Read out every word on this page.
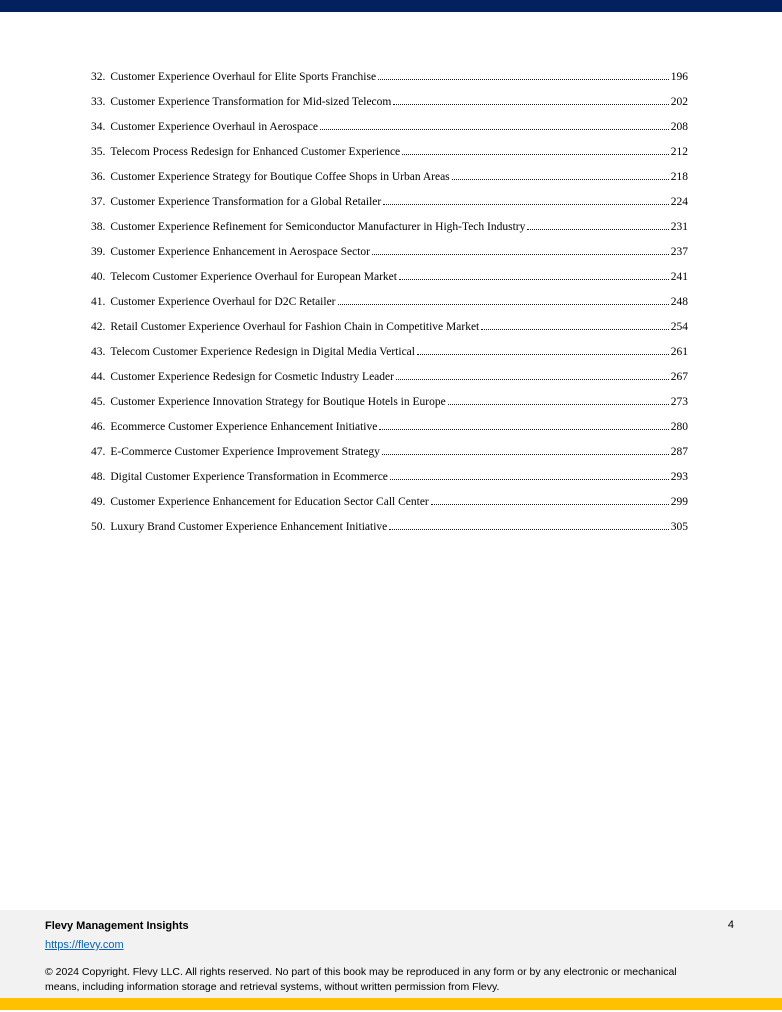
32. Customer Experience Overhaul for Elite Sports Franchise	196
33. Customer Experience Transformation for Mid-sized Telecom	202
34. Customer Experience Overhaul in Aerospace	208
35. Telecom Process Redesign for Enhanced Customer Experience	212
36. Customer Experience Strategy for Boutique Coffee Shops in Urban Areas	218
37. Customer Experience Transformation for a Global Retailer	224
38. Customer Experience Refinement for Semiconductor Manufacturer in High-Tech Industry	231
39. Customer Experience Enhancement in Aerospace Sector	237
40. Telecom Customer Experience Overhaul for European Market	241
41. Customer Experience Overhaul for D2C Retailer	248
42. Retail Customer Experience Overhaul for Fashion Chain in Competitive Market	254
43. Telecom Customer Experience Redesign in Digital Media Vertical	261
44. Customer Experience Redesign for Cosmetic Industry Leader	267
45. Customer Experience Innovation Strategy for Boutique Hotels in Europe	273
46. Ecommerce Customer Experience Enhancement Initiative	280
47. E-Commerce Customer Experience Improvement Strategy	287
48. Digital Customer Experience Transformation in Ecommerce	293
49. Customer Experience Enhancement for Education Sector Call Center	299
50. Luxury Brand Customer Experience Enhancement Initiative	305
Flevy Management Insights
https://flevy.com
4
© 2024 Copyright. Flevy LLC. All rights reserved. No part of this book may be reproduced in any form or by any electronic or mechanical means, including information storage and retrieval systems, without written permission from Flevy.
